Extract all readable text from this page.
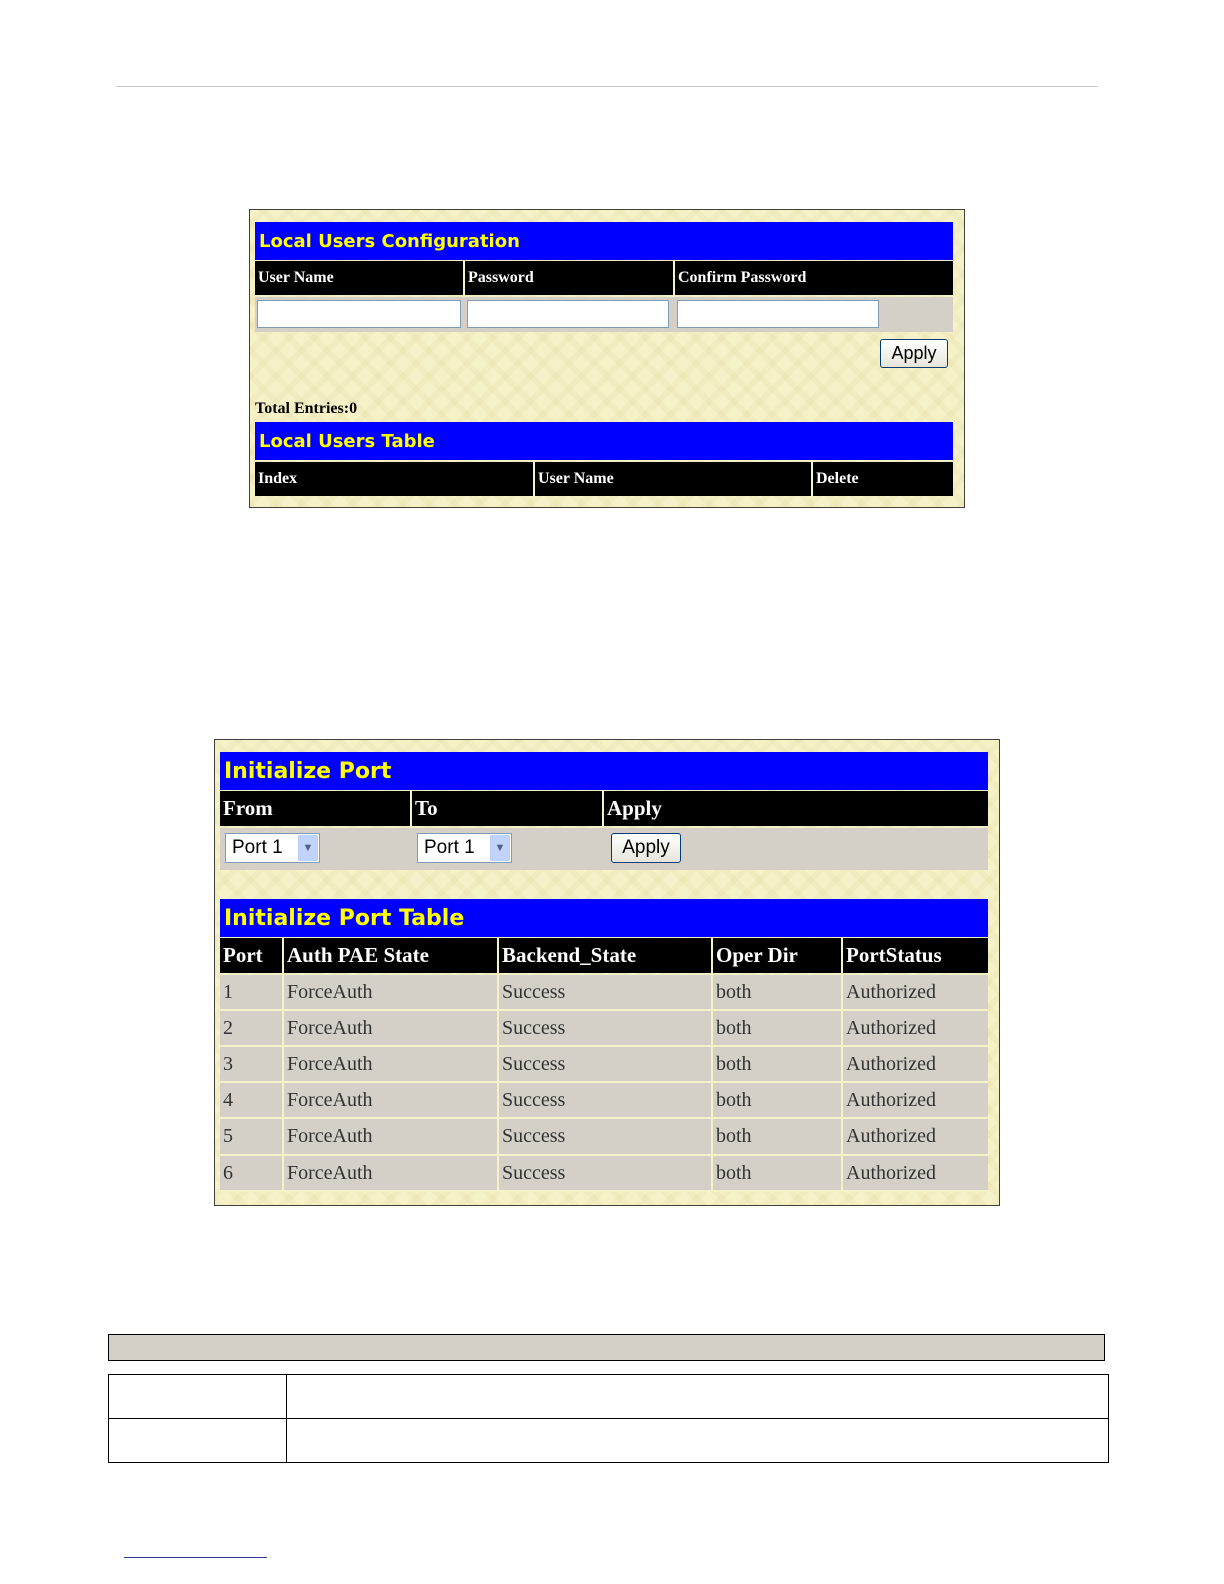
Local Users Configuration
User Name	Password	Confirm Password
Apply
Total Entries:0
Local Users Table
Index	User Name	Delete
Initialize Port
From	To	Apply
Port 1	▼	Port 1	▼	Apply
Initialize Port Table
Port	Auth PAE State	Backend_State	Oper Dir	PortStatus
1	ForceAuth	Success	both	Authorized
2	ForceAuth	Success	both	Authorized
3	ForceAuth	Success	both	Authorized
4	ForceAuth	Success	both	Authorized
5	ForceAuth	Success	both	Authorized
6	ForceAuth	Success	both	Authorized
